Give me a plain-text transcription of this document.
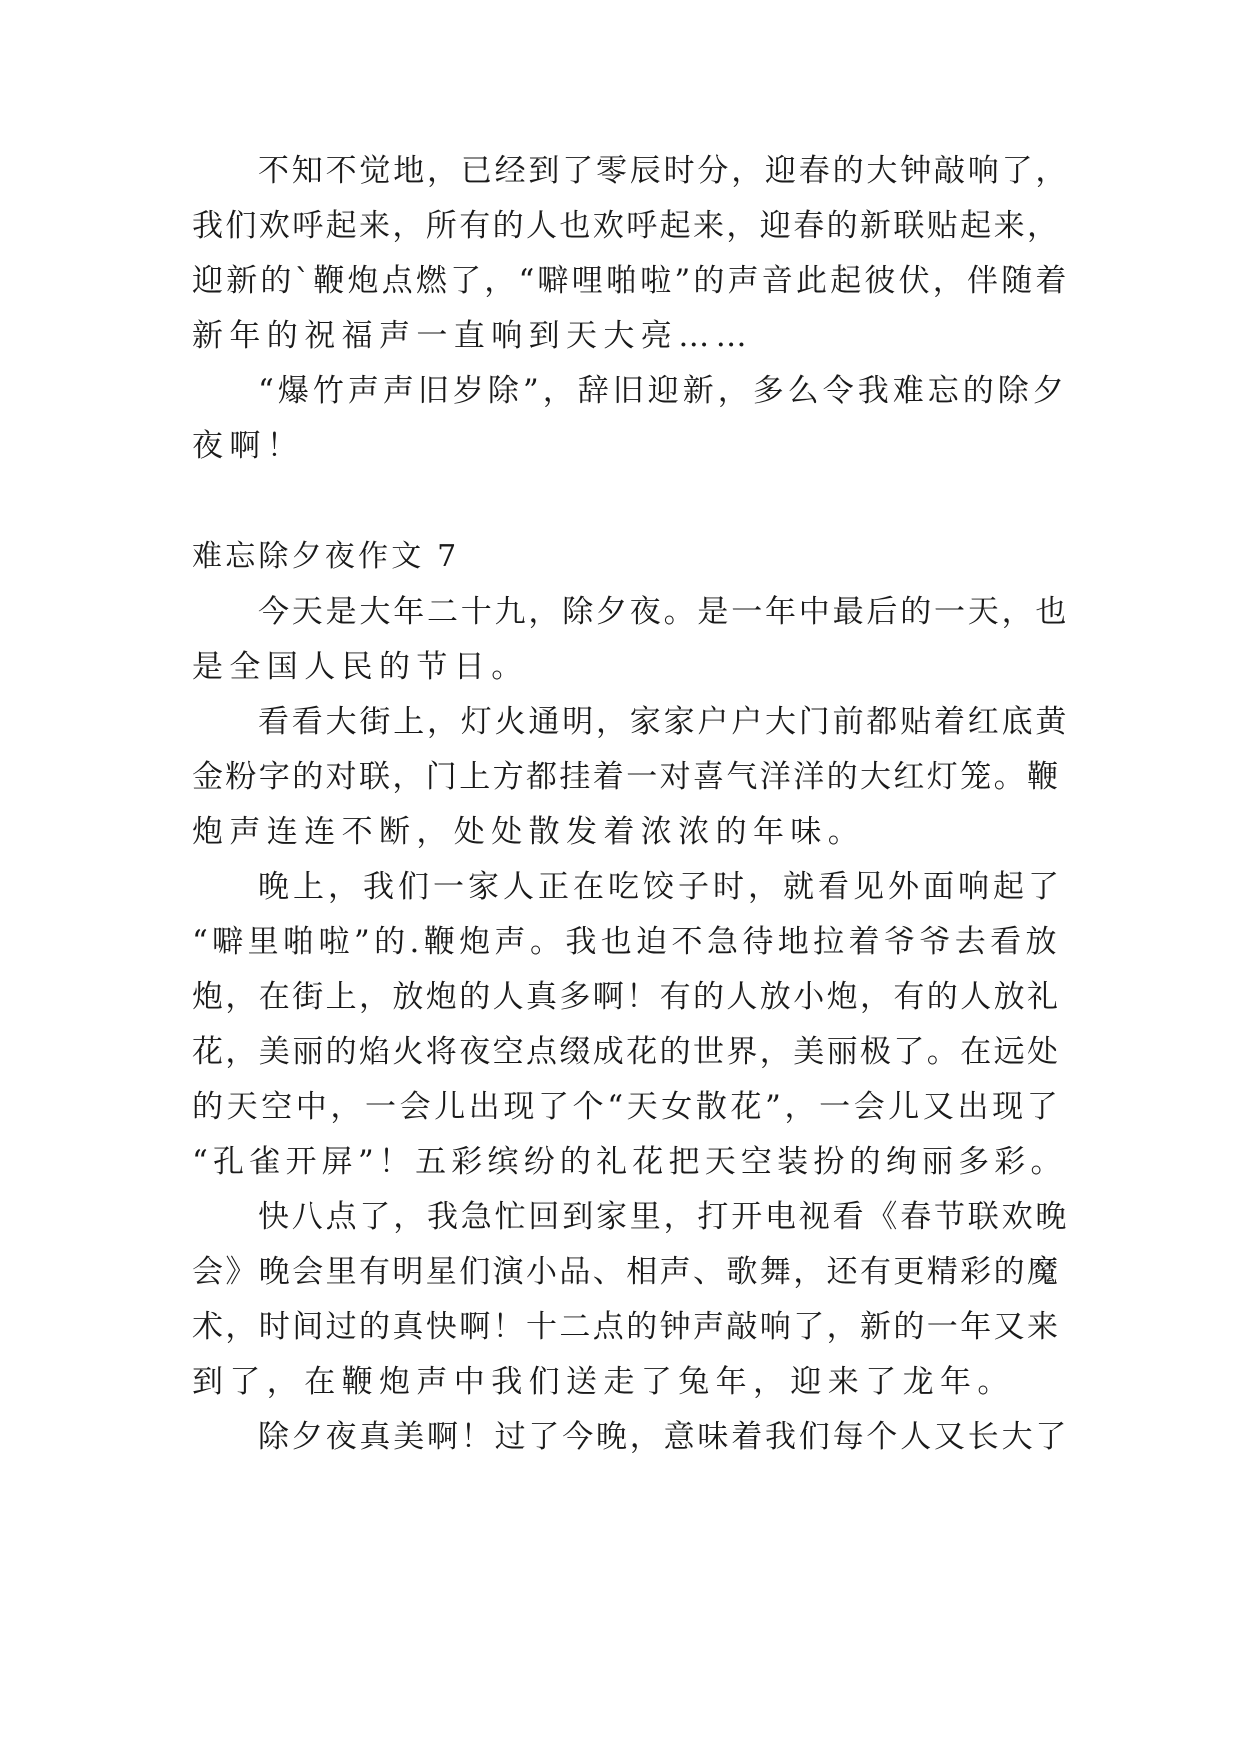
不知不觉地，已经到了零辰时分，迎春的大钟敲响了，
我们欢呼起来，所有的人也欢呼起来，迎春的新联贴起来，
迎新的`鞭炮点燃了，“噼哩啪啦”的声音此起彼伏，伴随着
新年的祝福声一直响到天大亮……
“爆竹声声旧岁除”，辞旧迎新，多么令我难忘的除夕
夜啊！
难忘除夕夜作文 7
今天是大年二十九，除夕夜。是一年中最后的一天，也
是全国人民的节日。
看看大街上，灯火通明，家家户户大门前都贴着红底黄
金粉字的对联，门上方都挂着一对喜气洋洋的大红灯笼。鞭
炮声连连不断，处处散发着浓浓的年味。
晚上，我们一家人正在吃饺子时，就看见外面响起了
“噼里啪啦”的.鞭炮声。我也迫不急待地拉着爷爷去看放
炮，在街上，放炮的人真多啊！有的人放小炮，有的人放礼
花，美丽的焰火将夜空点缀成花的世界，美丽极了。在远处
的天空中，一会儿出现了个“天女散花”，一会儿又出现了
“孔雀开屏”！五彩缤纷的礼花把天空装扮的绚丽多彩。
快八点了，我急忙回到家里，打开电视看《春节联欢晚
会》晚会里有明星们演小品、相声、歌舞，还有更精彩的魔
术，时间过的真快啊！十二点的钟声敲响了，新的一年又来
到了，在鞭炮声中我们送走了兔年，迎来了龙年。
除夕夜真美啊！过了今晚，意味着我们每个人又长大了
